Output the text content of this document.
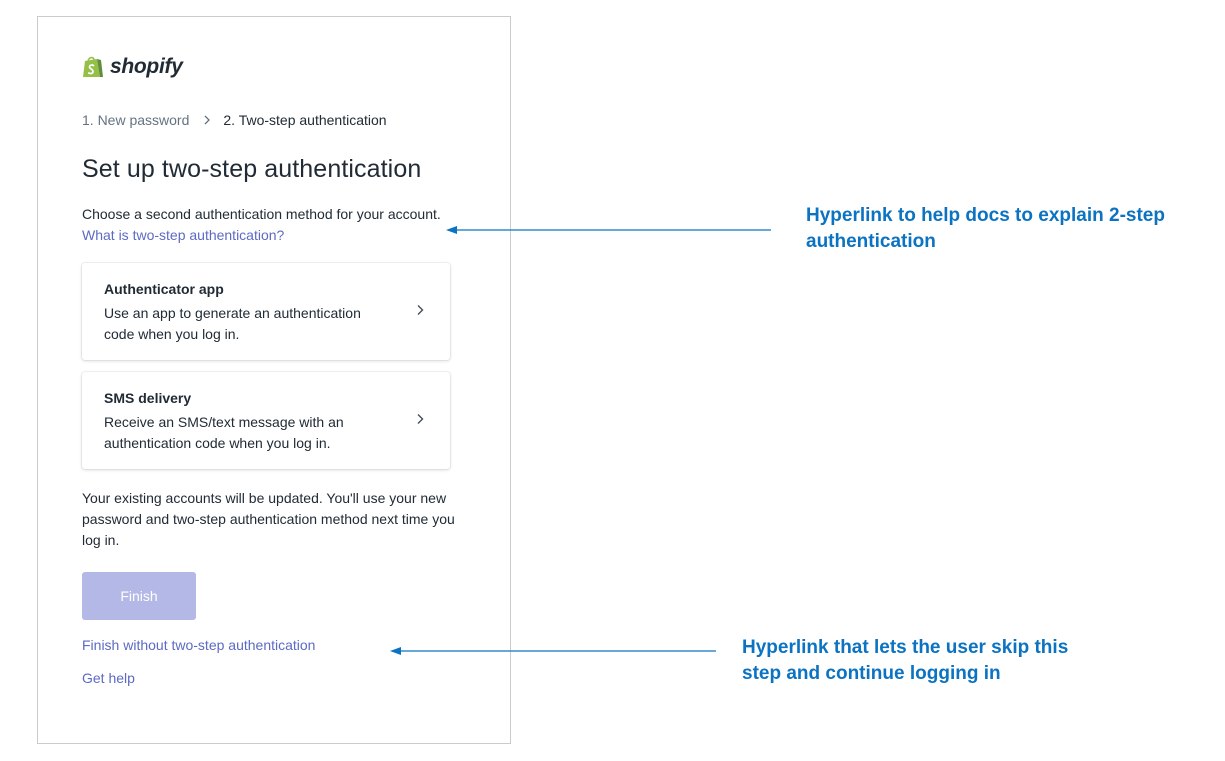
shopify
1. New password 2. Two-step authentication
Set up two-step authentication
Choose a second authentication method for your account. What is two-step authentication?
Authenticator app
Use an app to generate an authentication code when you log in.
SMS delivery
Receive an SMS/text message with an authentication code when you log in.
Your existing accounts will be updated. You'll use your new password and two-step authentication method next time you log in.
Finish
Finish without two-step authentication
Get help
Hyperlink to help docs to explain 2-step authentication
Hyperlink that lets the user skip this step and continue logging in
